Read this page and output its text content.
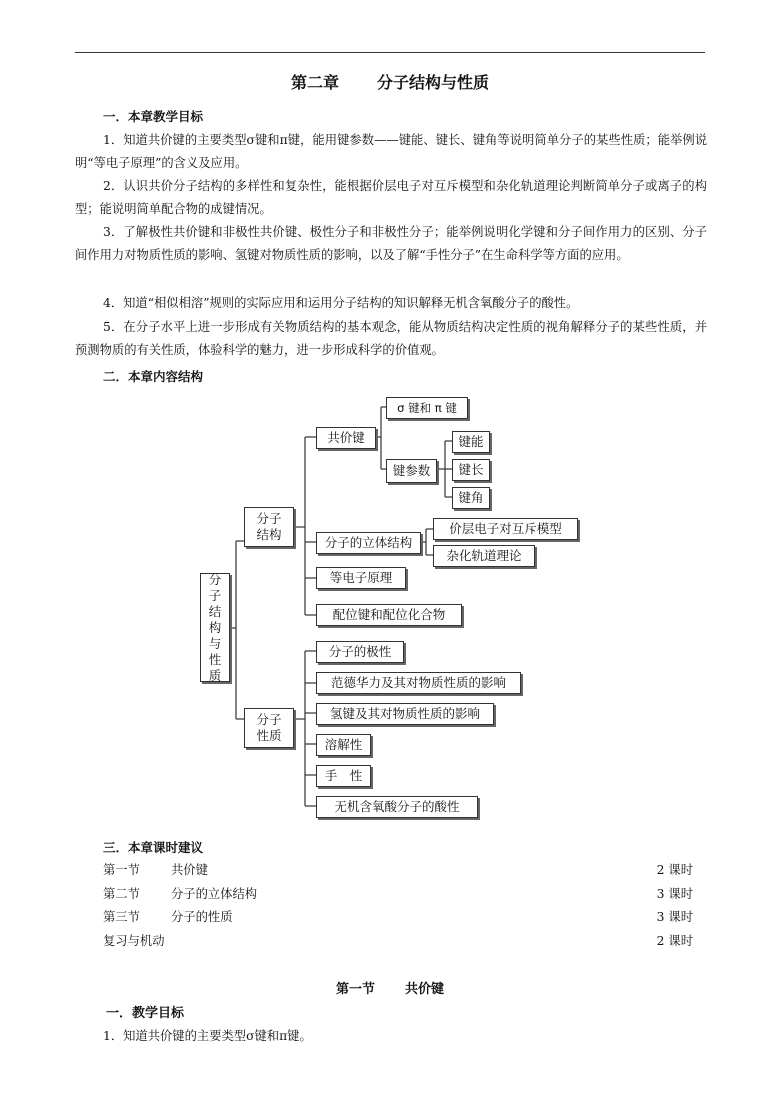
第二章 分子结构与性质
一．本章教学目标

1．知道共价键的主要类型σ键和π键，能用键参数——键能、键长、键角等说明简单分子的某些性质；能举例说明“等电子原理”的含义及应用。

2．认识共价分子结构的多样性和复杂性，能根据价层电子对互斥模型和杂化轨道理论判断简单分子或离子的构型；能说明简单配合物的成键情况。

3．了解极性共价键和非极性共价键、极性分子和非极性分子；能举例说明化学键和分子间作用力的区别、分子间作用力对物质性质的影响、氢键对物质性质的影响，以及了解“手性分子”在生命科学等方面的应用。

4．知道“相似相溶”规则的实际应用和运用分子结构的知识解释无机含氧酸分子的酸性。

5．在分子水平上进一步形成有关物质结构的基本观念，能从物质结构决定性质的视角解释分子的某些性质，并预测物质的有关性质，体验科学的魅力，进一步形成科学的价值观。

二．本章内容结构
分
子
结
构
与
性
质
分子
结构
分子
性质
共价键
σ 键和 π 键
键参数
键能
键长
键角
分子的立体结构
价层电子对互斥模型
杂化轨道理论
等电子原理
配位键和配位化合物
分子的极性
范德华力及其对物质性质的影响
氢键及其对物质性质的影响
溶解性
手　性
无机含氧酸分子的酸性
三．本章课时建议
第一节	共价键	2 课时
第二节	分子的立体结构	3 课时
第三节	分子的性质	3 课时
复习与机动	2 课时
第一节 共价键
一．教学目标
1．知道共价键的主要类型σ键和π键。
